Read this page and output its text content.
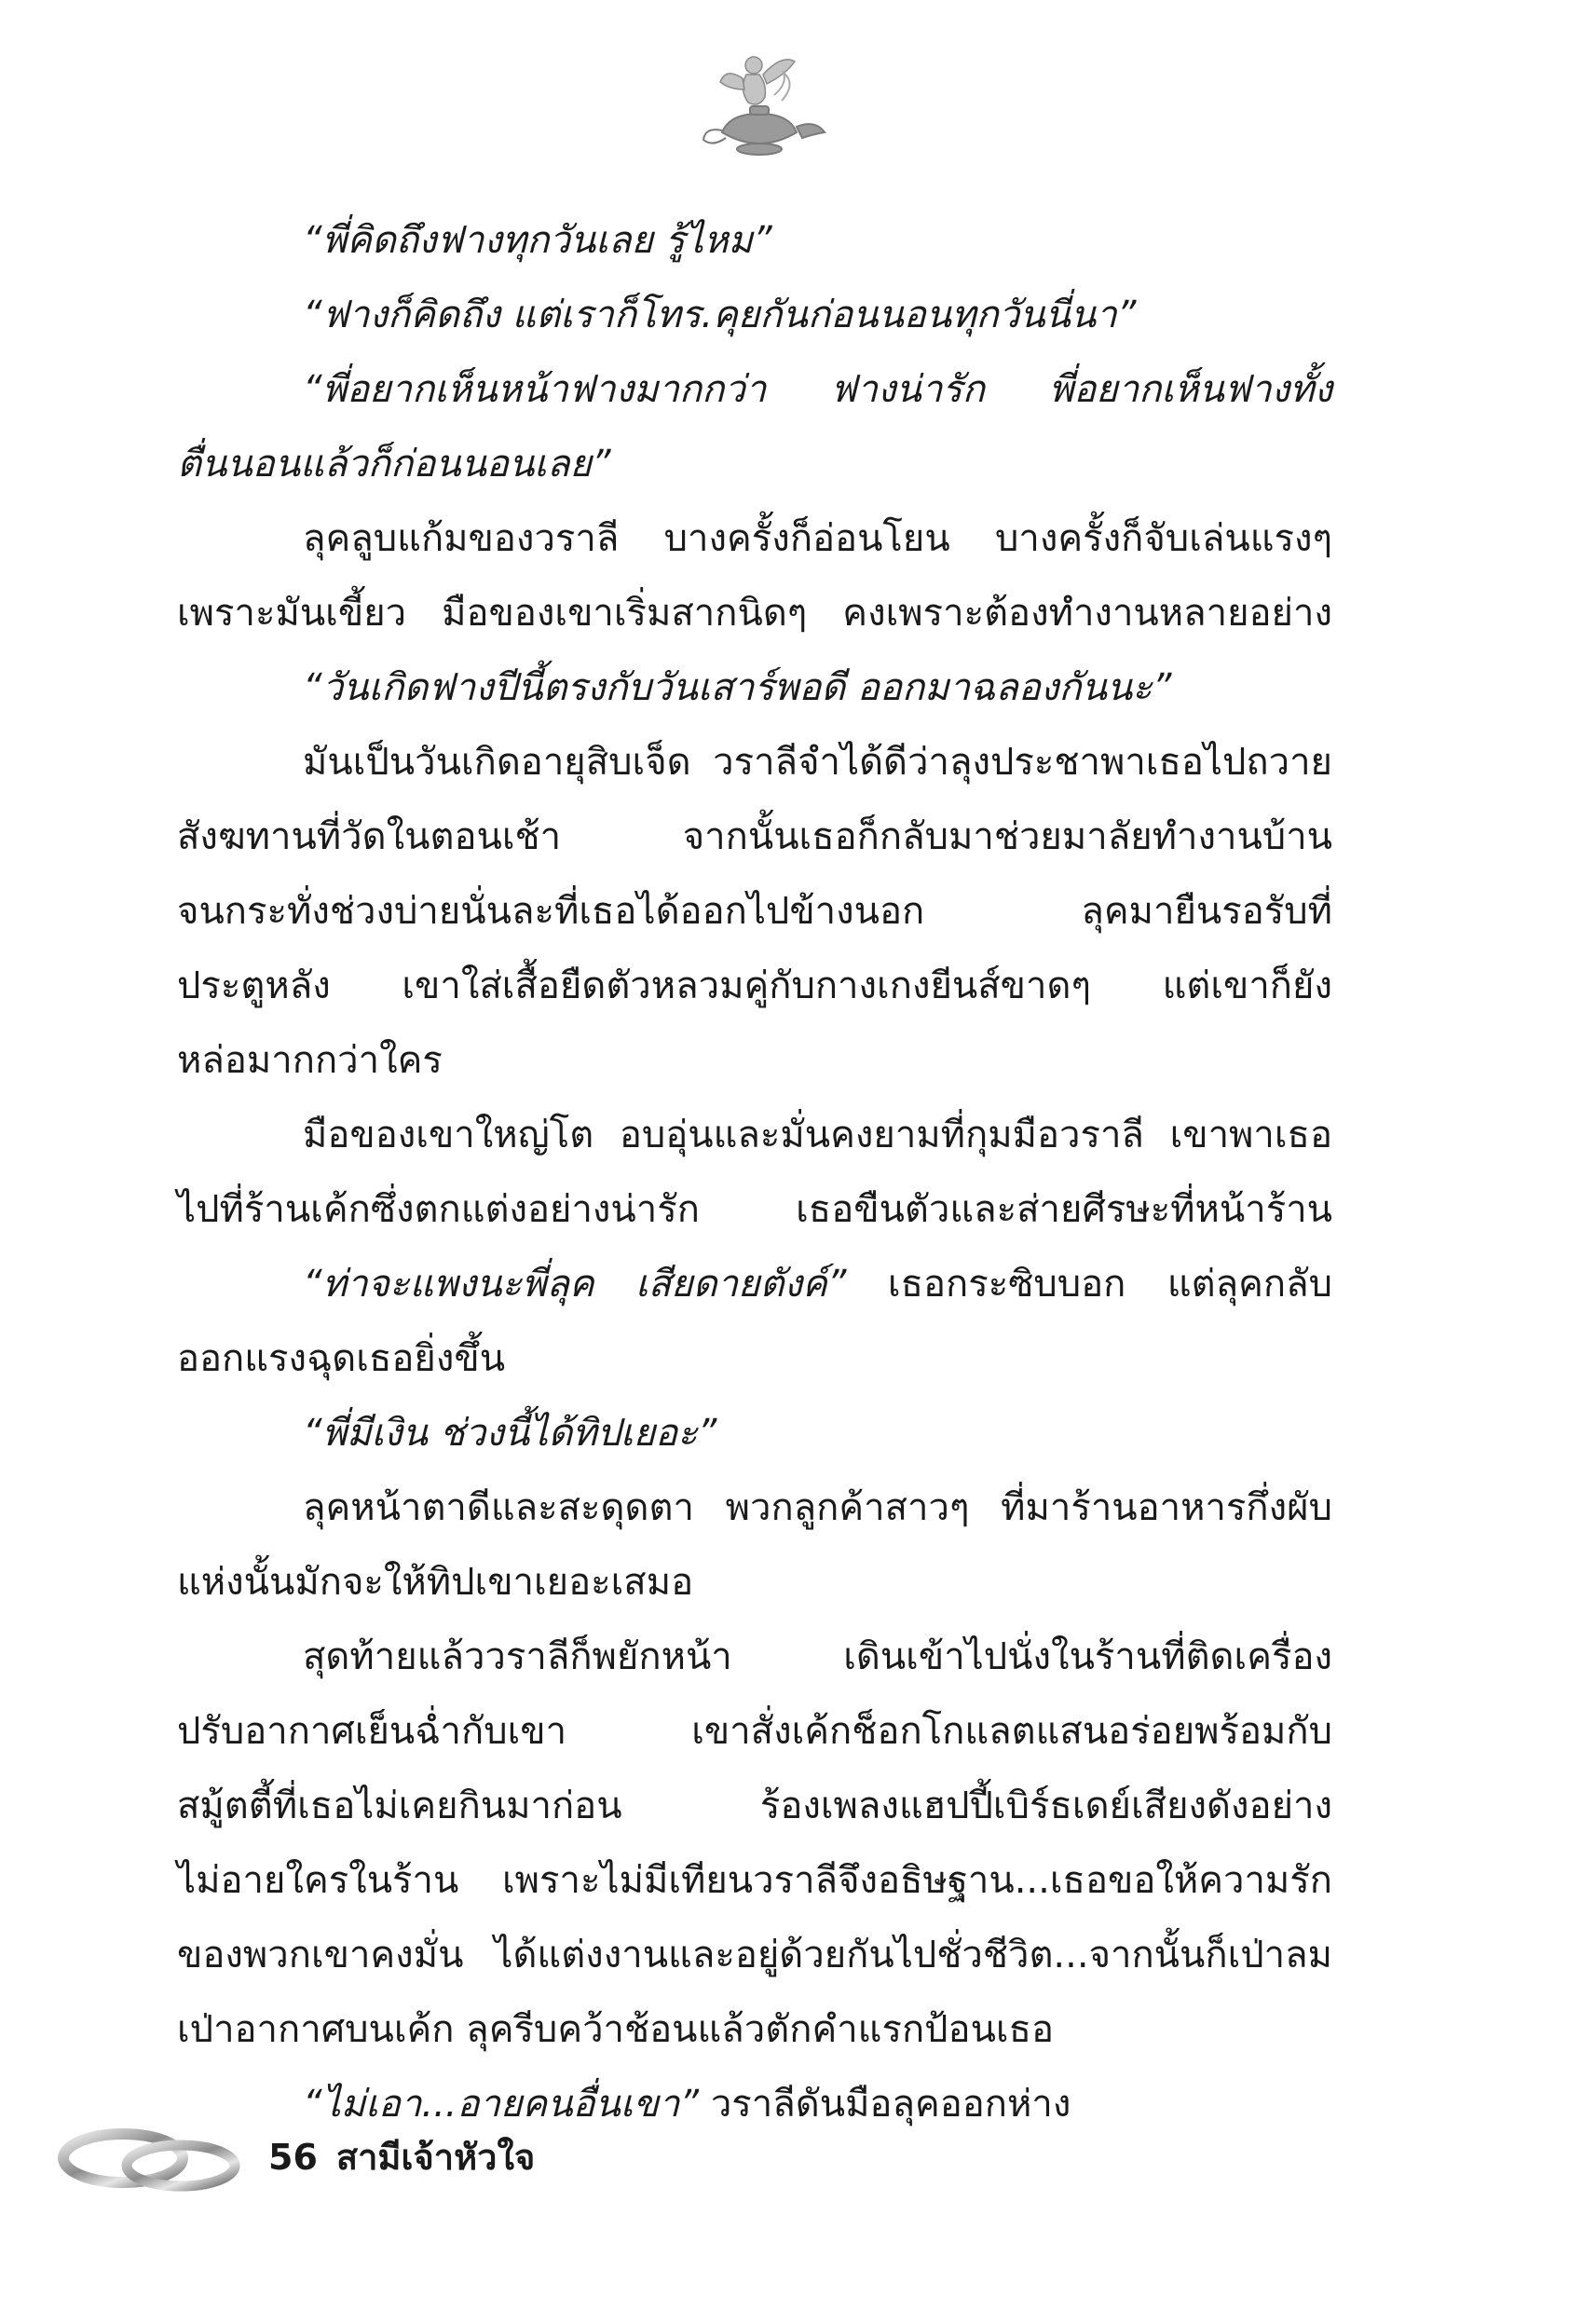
“พี่คิดถึงฟางทุกวันเลย รู้ไหม”
“ฟางก็คิดถึง แต่เราก็โทร.คุยกันก่อนนอนทุกวันนี่นา”
“พี่อยากเห็นหน้าฟางมากกว่า ฟางน่ารัก พี่อยากเห็นฟางทั้ง
ตื่นนอนแล้วก็ก่อนนอนเลย”
ลุคลูบแก้มของวราลี บางครั้งก็อ่อนโยน บางครั้งก็จับเล่นแรงๆ
เพราะมันเขี้ยว มือของเขาเริ่มสากนิดๆ คงเพราะต้องทำงานหลายอย่าง
“วันเกิดฟางปีนี้ตรงกับวันเสาร์พอดี ออกมาฉลองกันนะ”
มันเป็นวันเกิดอายุสิบเจ็ด วราลีจำได้ดีว่าลุงประชาพาเธอไปถวาย
สังฆทานที่วัดในตอนเช้า จากนั้นเธอก็กลับมาช่วยมาลัยทำงานบ้าน
จนกระทั่งช่วงบ่ายนั่นละที่เธอได้ออกไปข้างนอก ลุคมายืนรอรับที่
ประตูหลัง เขาใส่เสื้อยืดตัวหลวมคู่กับกางเกงยีนส์ขาดๆ แต่เขาก็ยัง
หล่อมากกว่าใคร
มือของเขาใหญ่โต อบอุ่นและมั่นคงยามที่กุมมือวราลี เขาพาเธอ
ไปที่ร้านเค้กซึ่งตกแต่งอย่างน่ารัก เธอขืนตัวและส่ายศีรษะที่หน้าร้าน
“ท่าจะแพงนะพี่ลุค เสียดายตังค์” เธอกระซิบบอก แต่ลุคกลับ
ออกแรงฉุดเธอยิ่งขึ้น
“พี่มีเงิน ช่วงนี้ได้ทิปเยอะ”
ลุคหน้าตาดีและสะดุดตา พวกลูกค้าสาวๆ ที่มาร้านอาหารกึ่งผับ
แห่งนั้นมักจะให้ทิปเขาเยอะเสมอ
สุดท้ายแล้ววราลีก็พยักหน้า เดินเข้าไปนั่งในร้านที่ติดเครื่อง
ปรับอากาศเย็นฉ่ำกับเขา เขาสั่งเค้กช็อกโกแลตแสนอร่อยพร้อมกับ
สมู้ตตี้ที่เธอไม่เคยกินมาก่อน ร้องเพลงแฮปปี้เบิร์ธเดย์เสียงดังอย่าง
ไม่อายใครในร้าน เพราะไม่มีเทียนวราลีจึงอธิษฐาน...เธอขอให้ความรัก
ของพวกเขาคงมั่น ได้แต่งงานและอยู่ด้วยกันไปชั่วชีวิต...จากนั้นก็เป่าลม
เป่าอากาศบนเค้ก ลุครีบคว้าช้อนแล้วตักคำแรกป้อนเธอ
“ไม่เอา...อายคนอื่นเขา” วราลีดันมือลุคออกห่าง
56 สามีเจ้าหัวใจ
